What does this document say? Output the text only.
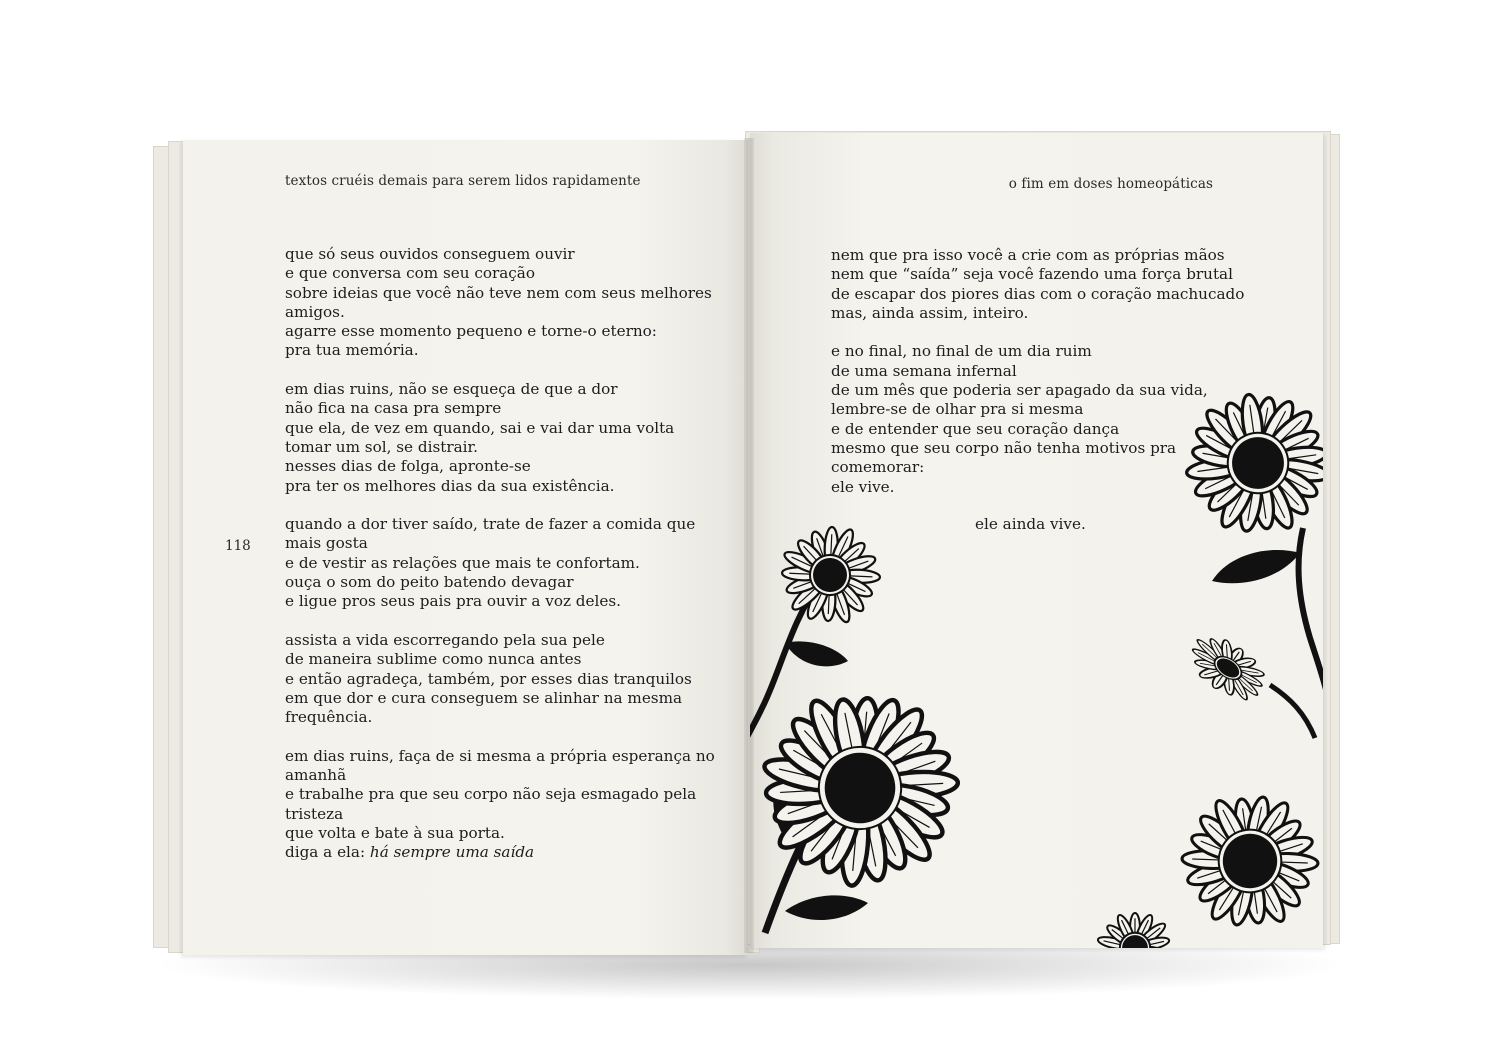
textos cruéis demais para serem lidos rapidamente
118
que só seus ouvidos conseguem ouvir
e que conversa com seu coração
sobre ideias que você não teve nem com seus melhores
amigos.
agarre esse momento pequeno e torne-o eterno:
pra tua memória.
em dias ruins, não se esqueça de que a dor
não fica na casa pra sempre
que ela, de vez em quando, sai e vai dar uma volta
tomar um sol, se distrair.
nesses dias de folga, apronte-se
pra ter os melhores dias da sua existência.
quando a dor tiver saído, trate de fazer a comida que
mais gosta
e de vestir as relações que mais te confortam.
ouça o som do peito batendo devagar
e ligue pros seus pais pra ouvir a voz deles.
assista a vida escorregando pela sua pele
de maneira sublime como nunca antes
e então agradeça, também, por esses dias tranquilos
em que dor e cura conseguem se alinhar na mesma
frequência.
em dias ruins, faça de si mesma a própria esperança no
amanhã
e trabalhe pra que seu corpo não seja esmagado pela
tristeza
que volta e bate à sua porta.
diga a ela: há sempre uma saída
o fim em doses homeopáticas
nem que pra isso você a crie com as próprias mãos
nem que “saída” seja você fazendo uma força brutal
de escapar dos piores dias com o coração machucado
mas, ainda assim, inteiro.
e no final, no final de um dia ruim
de uma semana infernal
de um mês que poderia ser apagado da sua vida,
lembre-se de olhar pra si mesma
e de entender que seu coração dança
mesmo que seu corpo não tenha motivos pra
comemorar:
ele vive.
ele ainda vive.
